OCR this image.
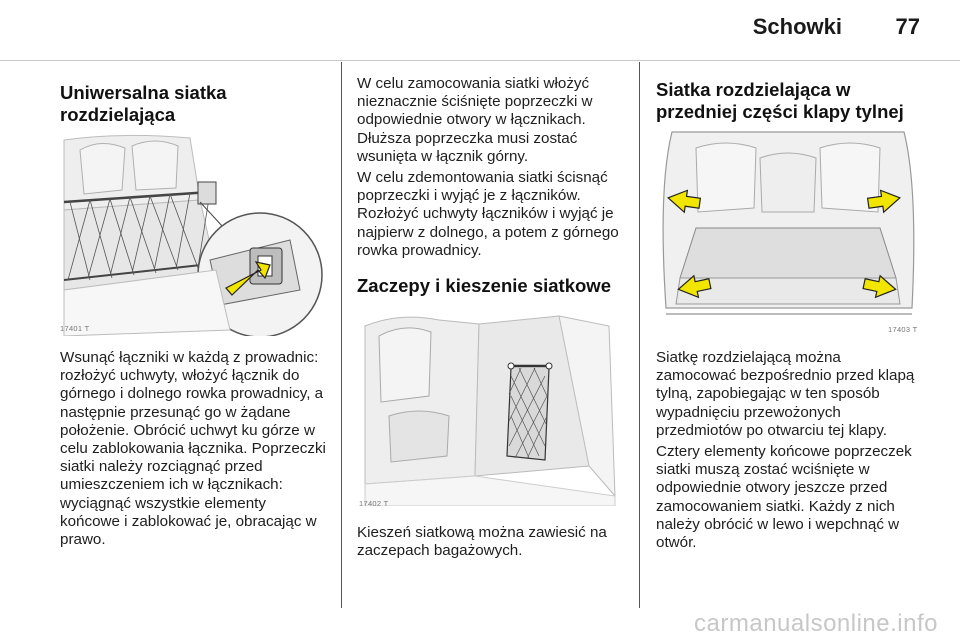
Schowki 77
Uniwersalna siatka rozdzielająca
17401 T

Wsunąć łączniki w każdą z prowadnic: rozłożyć uchwyty, włożyć łącznik do górnego i dolnego rowka prowadnicy, a następnie przesunąć go w żądane położenie. Obrócić uchwyt ku górze w celu zablokowania łącznika. Poprzeczki siatki należy rozciągnąć przed umieszczeniem ich w łącznikach: wyciągnąć wszystkie elementy końcowe i zablokować je, obracając w prawo.

W celu zamocowania siatki włożyć nieznacznie ściśnięte poprzeczki w odpowiednie otwory w łącznikach. Dłuższa poprzeczka musi zostać wsunięta w łącznik górny.

W celu zdemontowania siatki ścisnąć poprzeczki i wyjąć je z łączników. Rozłożyć uchwyty łączników i wyjąć je najpierw z dolnego, a potem z górnego rowka prowadnicy.

Zaczepy i kieszenie siatkowe
17402 T

Kieszeń siatkową można zawiesić na zaczepach bagażowych.

Siatka rozdzielająca w przedniej części klapy tylnej
17403 T

Siatkę rozdzielającą można zamocować bezpośrednio przed klapą tylną, zapobiegając w ten sposób wypadnięciu przewożonych przedmiotów po otwarciu tej klapy.

Cztery elementy końcowe poprzeczek siatki muszą zostać wciśnięte w odpowiednie otwory jeszcze przed zamocowaniem siatki. Każdy z nich należy obrócić w lewo i wepchnąć w otwór.

carmanualsonline.info
